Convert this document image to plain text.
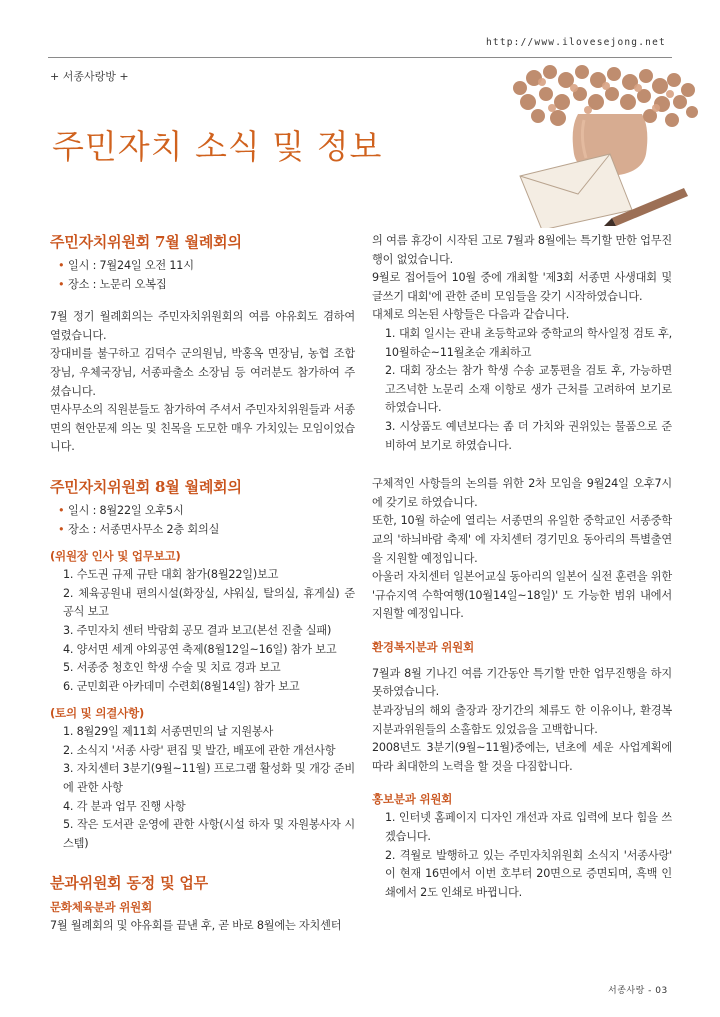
http://www.ilovesejong.net
+ 서종사랑방 +
주민자치 소식 및 정보
주민자치위원회 7월 월례회의
• 일시 : 7월24일 오전 11시
• 장소 : 노문리 오복집

7월 정기 월례회의는 주민자치위원회의 여름 야유회도 겸하여 열렸습니다.

장대비를 불구하고 김덕수 군의원님, 박홍옥 면장님, 농협 조합장님, 우체국장님, 서종파출소 소장님 등 여러분도 참가하여 주셨습니다.

면사무소의 직원분들도 참가하여 주셔서 주민자치위원들과 서종면의 현안문제 의논 및 친목을 도모한 매우 가치있는 모임이었습니다.

주민자치위원회 8월 월례회의
• 일시 : 8월22일 오후5시
• 장소 : 서종면사무소 2층 회의실
(위원장 인사 및 업무보고)
1. 수도권 규제 규탄 대회 참가(8월22일)보고
2. 체육공원내 편의시설(화장실, 샤워실, 탈의실, 휴게실) 준공식 보고
3. 주민자치 센터 박람회 공모 결과 보고(본선 진출 실패)
4. 양서면 세계 야외공연 축제(8월12일~16일) 참가 보고
5. 서종중 청호인 학생 수술 및 치료 경과 보고
6. 군민회관 아카데미 수련회(8월14일) 참가 보고
(토의 및 의결사항)
1. 8월29일 제11회 서종면민의 날 지원봉사
2. 소식지 '서종 사랑' 편집 및 발간, 배포에 관한 개선사항
3. 자치센터 3분기(9월~11월) 프로그램 활성화 및 개강 준비에 관한 사항
4. 각 분과 업무 진행 사항
5. 작은 도서관 운영에 관한 사항(시설 하자 및 자원봉사자 시스템)
분과위원회 동정 및 업무
문화체육분과 위원회

7월 월례회의 및 야유회를 끝낸 후, 곧 바로 8월에는 자치센터

의 여름 휴강이 시작된 고로 7월과 8월에는 특기할 만한 업무진행이 없었습니다.

9월로 접어들어 10월 중에 개최할 '제3회 서종면 사생대회 및 글쓰기 대회'에 관한 준비 모임들을 갖기 시작하였습니다.

대체로 의논된 사항들은 다음과 같습니다.

1. 대회 일시는 관내 초등학교와 중학교의 학사일정 검토 후, 10월하순~11월초순 개최하고
2. 대회 장소는 참가 학생 수송 교통편을 검토 후, 가능하면 고즈넉한 노문리 소재 이항로 생가 근처를 고려하여 보기로 하였습니다.
3. 시상품도 예년보다는 좀 더 가치와 권위있는 물품으로 준비하여 보기로 하였습니다.

구체적인 사항들의 논의를 위한 2차 모임을 9월24일 오후7시에 갖기로 하였습니다.

또한, 10월 하순에 열리는 서종면의 유일한 중학교인 서종중학교의 '하늬바람 축제' 에 자치센터 경기민요 동아리의 특별출연을 지원할 예정입니다.

아울러 자치센터 일본어교실 동아리의 일본어 실전 훈련을 위한 '규슈지역 수학여행(10월14일~18일)' 도 가능한 범위 내에서 지원할 예정입니다.

환경복지분과 위원회

7월과 8월 기나긴 여름 기간동안 특기할 만한 업무진행을 하지 못하였습니다.

분과장님의 해외 출장과 장기간의 체류도 한 이유이나, 환경복지분과위원들의 소홀함도 있었음을 고백합니다.

2008년도 3분기(9월~11월)중에는, 년초에 세운 사업계획에 따라 최대한의 노력을 할 것을 다짐합니다.

홍보분과 위원회
1. 인터넷 홈페이지 디자인 개선과 자료 입력에 보다 힘을 쓰겠습니다.
2. 격월로 발행하고 있는 주민자치위원회 소식지 '서종사랑' 이 현재 16면에서 이번 호부터 20면으로 증면되며, 흑백 인쇄에서 2도 인쇄로 바뀝니다.
서종사랑 - 03
